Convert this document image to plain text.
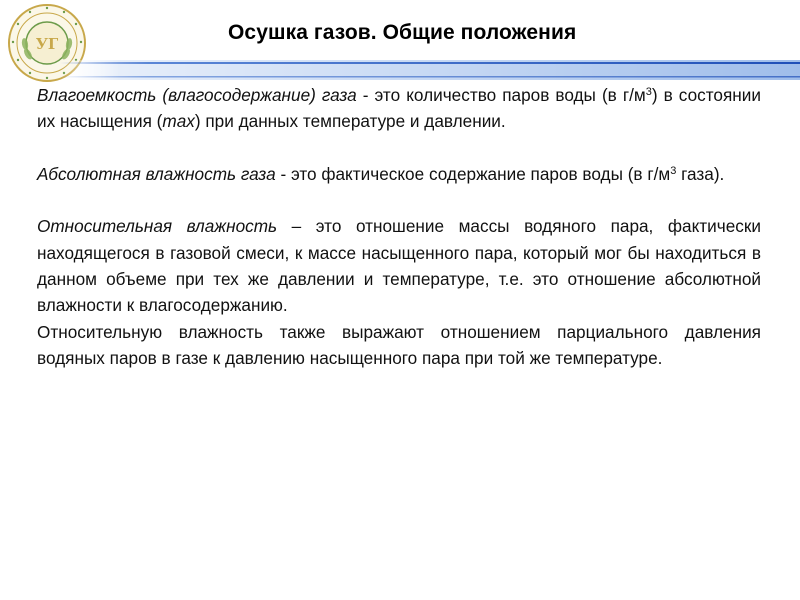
УГ	Осушка газов. Общие положения

Влагоемкость (влагосодержание) газа - это количество паров воды (в $г/м^3$) в состоянии их насыщения (max) при данных температуре и давлении.

Абсолютная влажность газа - это фактическое содержание паров воды (в $г/м^3$ газа).

Относительная влажность – это отношение массы водяного пара, фактически находящегося в газовой смеси, к массе насыщенного пара, который мог бы находиться в данном объеме при тех же давлении и температуре, т.е. это отношение абсолютной влажности к влагосодержанию.

Относительную влажность также выражают отношением парциального давления водяных паров в газе к давлению насыщенного пара при той же температуре.
